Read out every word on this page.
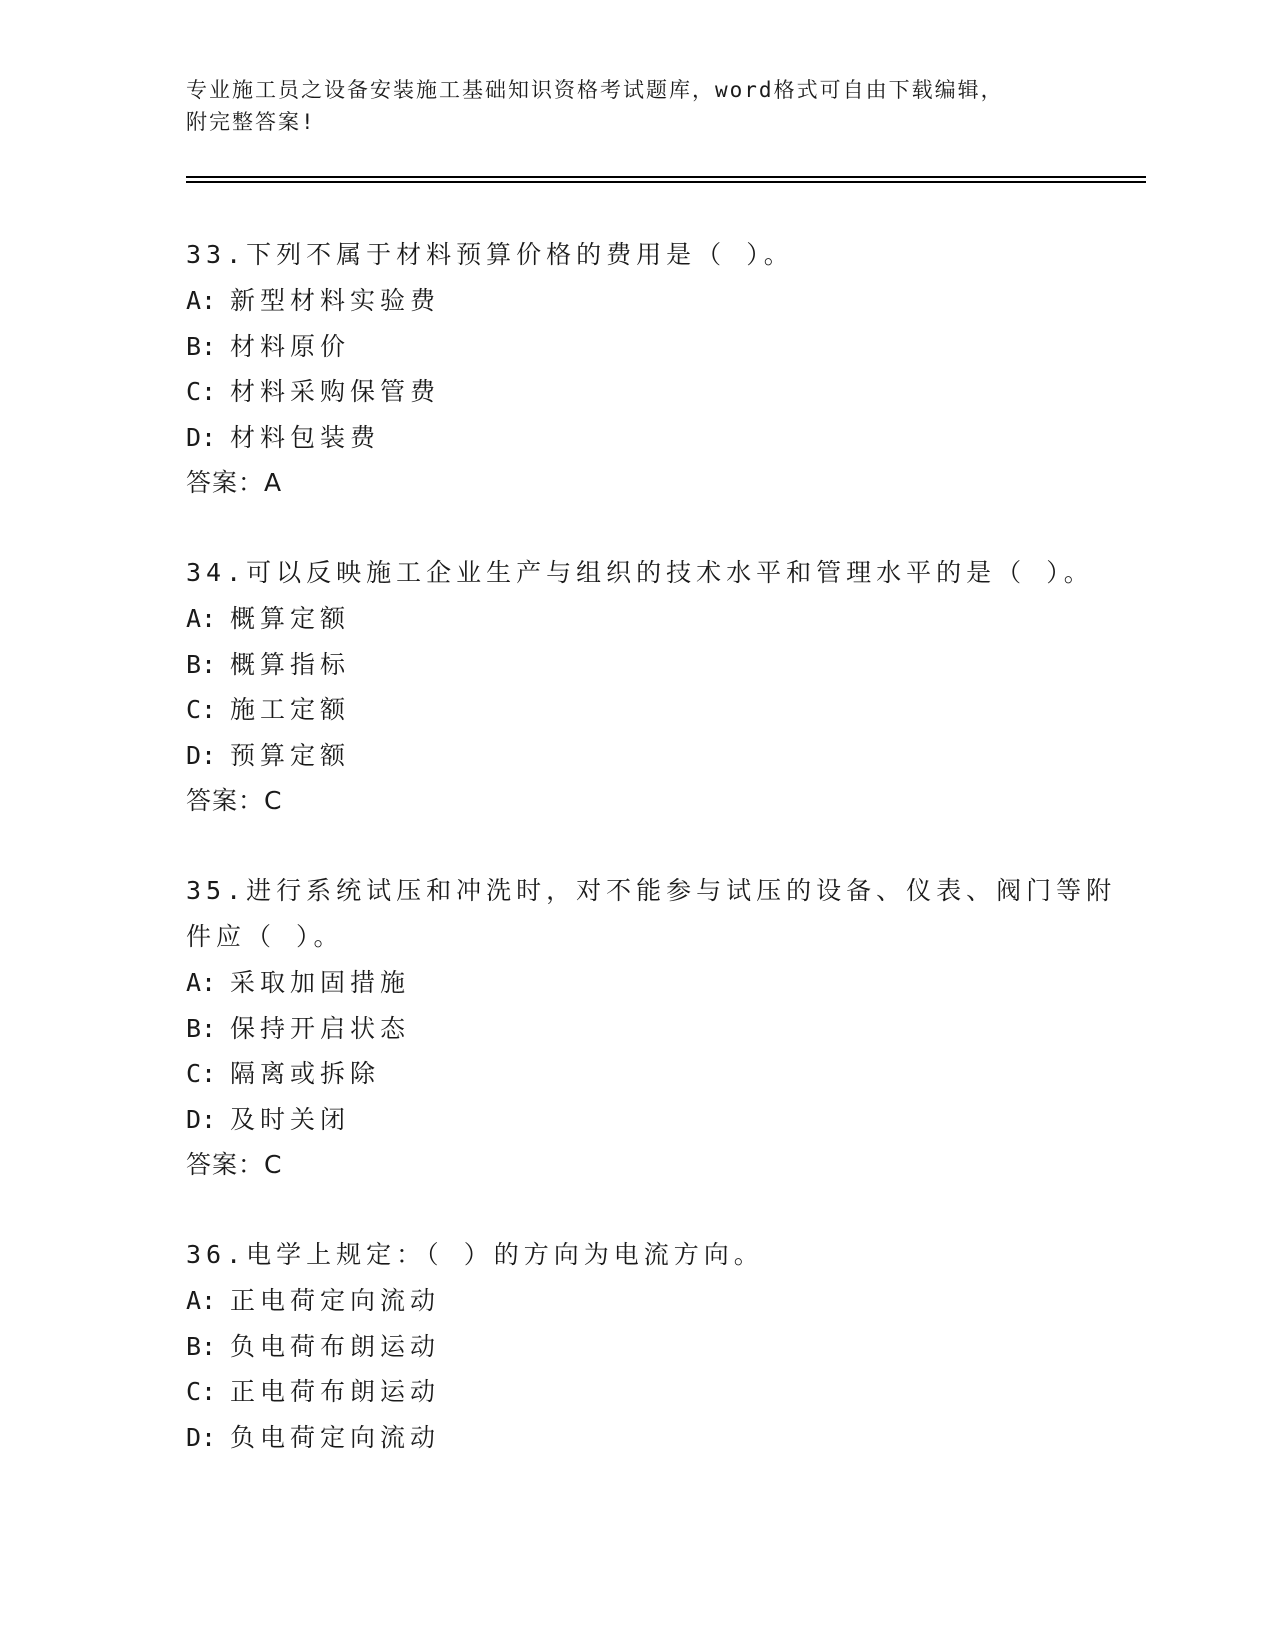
专业施工员之设备安装施工基础知识资格考试题库，word格式可自由下载编辑，
附完整答案!
33.下列不属于材料预算价格的费用是（ ）。
A: 新型材料实验费
B: 材料原价
C: 材料采购保管费
D: 材料包装费
答案：A
34.可以反映施工企业生产与组织的技术水平和管理水平的是（ ）。
A: 概算定额
B: 概算指标
C: 施工定额
D: 预算定额
答案：C
35.进行系统试压和冲洗时，对不能参与试压的设备、仪表、阀门等附
件应（ ）。
A: 采取加固措施
B: 保持开启状态
C: 隔离或拆除
D: 及时关闭
答案：C
36.电学上规定：（ ）的方向为电流方向。
A: 正电荷定向流动
B: 负电荷布朗运动
C: 正电荷布朗运动
D: 负电荷定向流动
